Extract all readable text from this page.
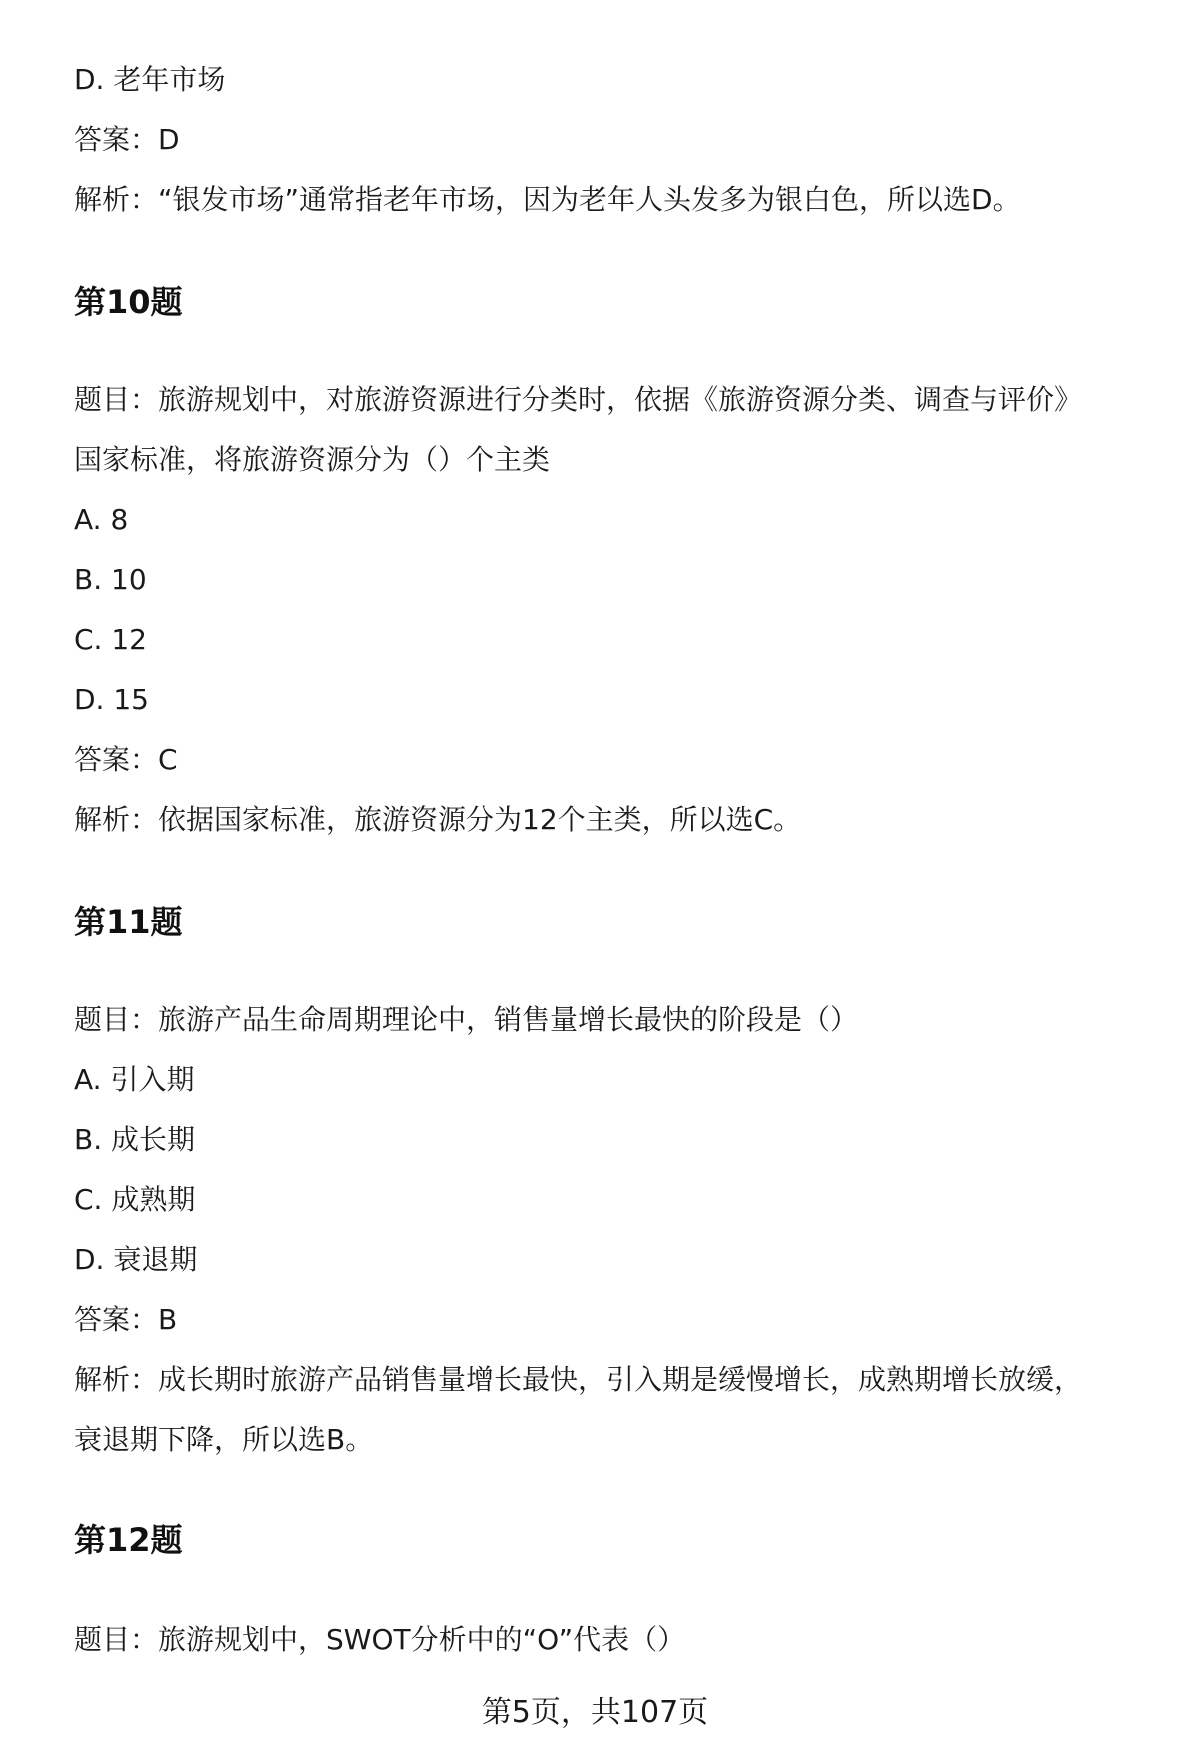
D. 老年市场
答案：D
解析：“银发市场”通常指老年市场，因为老年人头发多为银白色，所以选D。
第10题
题目：旅游规划中，对旅游资源进行分类时，依据《旅游资源分类、调查与评价》
国家标准，将旅游资源分为（）个主类
A. 8
B. 10
C. 12
D. 15
答案：C
解析：依据国家标准，旅游资源分为12个主类，所以选C。
第11题
题目：旅游产品生命周期理论中，销售量增长最快的阶段是（）
A. 引入期
B. 成长期
C. 成熟期
D. 衰退期
答案：B
解析：成长期时旅游产品销售量增长最快，引入期是缓慢增长，成熟期增长放缓，
衰退期下降，所以选B。
第12题
题目：旅游规划中，SWOT分析中的“O”代表（）
第5页，共107页
